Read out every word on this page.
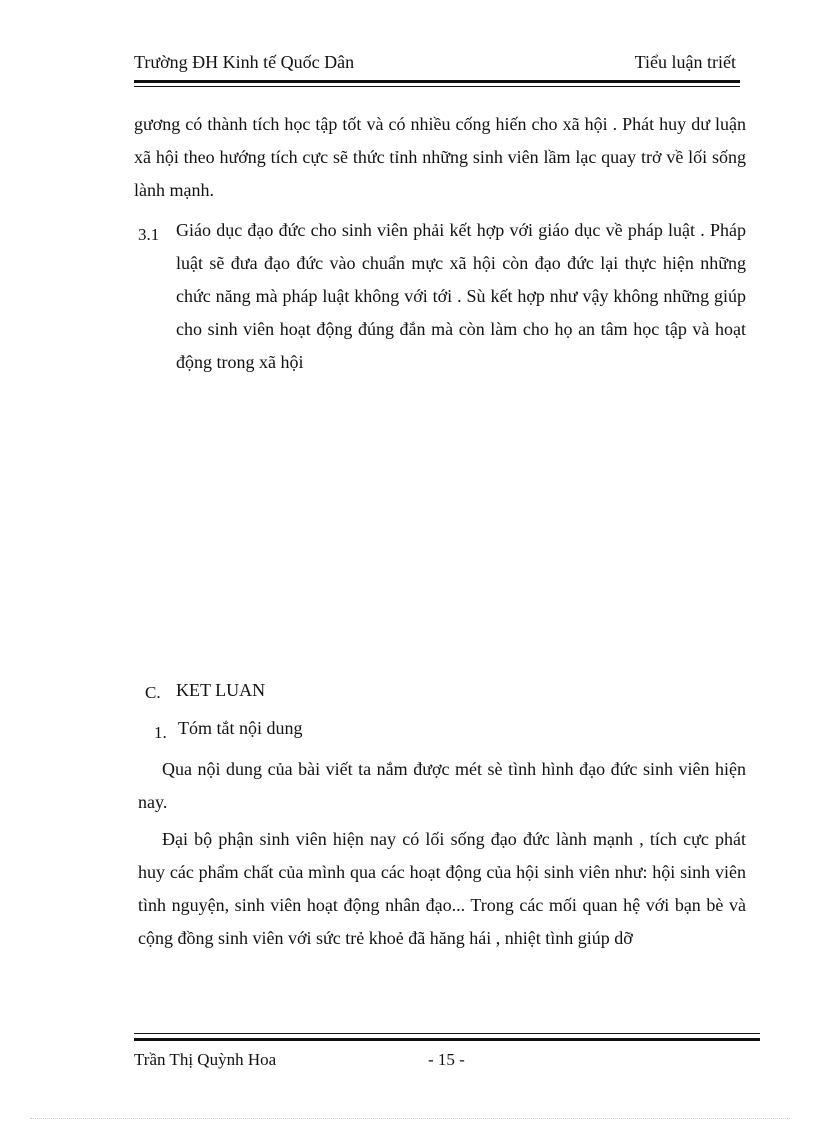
Trường ĐH Kinh tế Quốc Dân	Tiểu luận triết
gương có thành tích học tập tốt và có nhiều cống hiến cho xã hội . Phát huy dư luận xã hội theo hướng tích cực sẽ thức tỉnh những sinh viên lầm lạc quay trở về lối sống lành mạnh.
3.1 Giáo dục đạo đức cho sinh viên phải kết hợp với giáo dục về pháp luật . Pháp luật sẽ đưa đạo đức vào chuẩn mực xã hội còn đạo đức lại thực hiện những chức năng mà pháp luật không với tới . Sù kết hợp như vậy không những giúp cho sinh viên hoạt động đúng đắn mà còn làm cho họ an tâm học tập và hoạt động trong xã hội
C. KET LUAN
1. Tóm tắt nội dung
Qua nội dung của bài viết ta nắm được mét sè tình hình đạo đức sinh viên hiện nay.
Đại bộ phận sinh viên hiện nay có lối sống đạo đức lành mạnh , tích cực phát huy các phẩm chất của mình qua các hoạt động của hội sinh viên như: hội sinh viên tình nguyện, sinh viên hoạt động nhân đạo... Trong các mối quan hệ với bạn bè và cộng đồng sinh viên với sức trẻ khoẻ đã hăng hái , nhiệt tình giúp dỡ
Trần Thị Quỳnh Hoa	- 15 -
